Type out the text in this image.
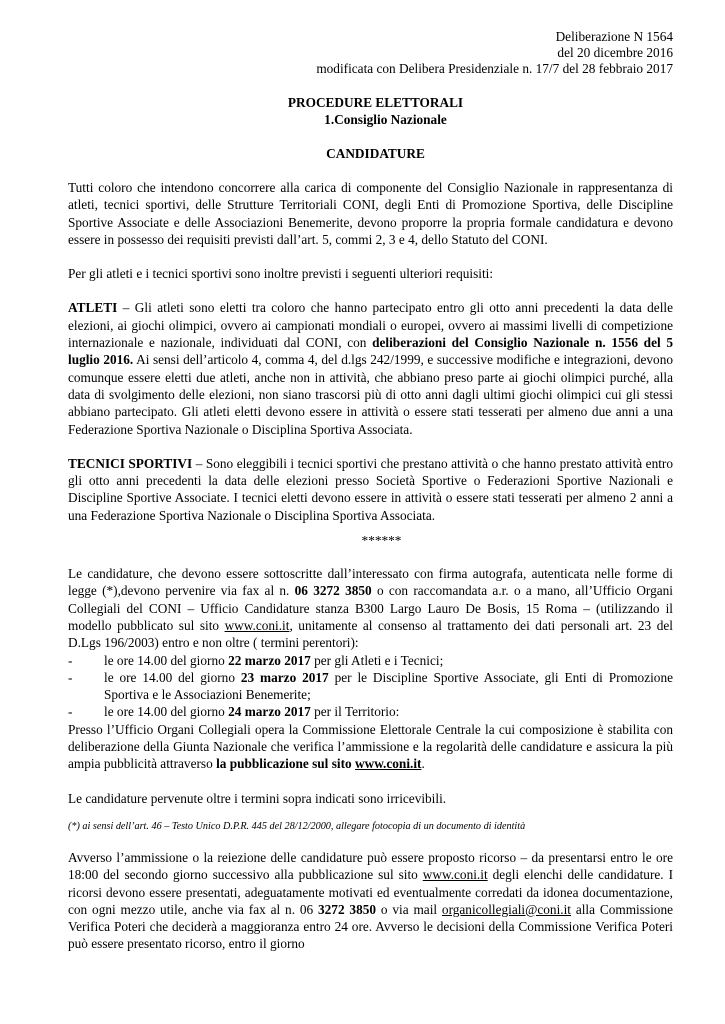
Deliberazione N 1564
del 20 dicembre 2016
modificata con Delibera Presidenziale n. 17/7 del 28 febbraio 2017
PROCEDURE ELETTORALI
1.Consiglio Nazionale
CANDIDATURE

Tutti coloro che intendono concorrere alla carica di componente del Consiglio Nazionale in rappresentanza di atleti, tecnici sportivi, delle Strutture Territoriali CONI, degli Enti di Promozione Sportiva, delle Discipline Sportive Associate e delle Associazioni Benemerite, devono proporre la propria formale candidatura e devono essere in possesso dei requisiti previsti dall’art. 5, commi 2, 3 e 4, dello Statuto del CONI.

Per gli atleti e i tecnici sportivi sono inoltre previsti i seguenti ulteriori requisiti:

ATLETI – Gli atleti sono eletti tra coloro che hanno partecipato entro gli otto anni precedenti la data delle elezioni, ai giochi olimpici, ovvero ai campionati mondiali o europei, ovvero ai massimi livelli di competizione internazionale e nazionale, individuati dal CONI, con deliberazioni del Consiglio Nazionale n. 1556 del 5 luglio 2016. Ai sensi dell’articolo 4, comma 4, del d.lgs 242/1999, e successive modifiche e integrazioni, devono comunque essere eletti due atleti, anche non in attività, che abbiano preso parte ai giochi olimpici purché, alla data di svolgimento delle elezioni, non siano trascorsi più di otto anni dagli ultimi giochi olimpici cui gli stessi abbiano partecipato. Gli atleti eletti devono essere in attività o essere stati tesserati per almeno due anni a una Federazione Sportiva Nazionale o Disciplina Sportiva Associata.

TECNICI SPORTIVI – Sono eleggibili i tecnici sportivi che prestano attività o che hanno prestato attività entro gli otto anni precedenti la data delle elezioni presso Società Sportive o Federazioni Sportive Nazionali e Discipline Sportive Associate. I tecnici eletti devono essere in attività o essere stati tesserati per almeno 2 anni a una Federazione Sportiva Nazionale o Disciplina Sportiva Associata.

******

Le candidature, che devono essere sottoscritte dall’interessato con firma autografa, autenticata nelle forme di legge (*),devono pervenire via fax al n. 06 3272 3850 o con raccomandata a.r. o a mano, all’Ufficio Organi Collegiali del CONI – Ufficio Candidature stanza B300 Largo Lauro De Bosis, 15 Roma – (utilizzando il modello pubblicato sul sito www.coni.it, unitamente al consenso al trattamento dei dati personali art. 23 del D.Lgs 196/2003) entro e non oltre ( termini perentori):

-	le ore 14.00 del giorno 22 marzo 2017 per gli Atleti e i Tecnici;
-	le ore 14.00 del giorno 23 marzo 2017 per le Discipline Sportive Associate, gli Enti di Promozione Sportiva e le Associazioni Benemerite;
-	le ore 14.00 del giorno 24 marzo 2017 per il Territorio:

Presso l’Ufficio Organi Collegiali opera la Commissione Elettorale Centrale la cui composizione è stabilita con deliberazione della Giunta Nazionale che verifica l’ammissione e la regolarità delle candidature e assicura la più ampia pubblicità attraverso la pubblicazione sul sito www.coni.it.

Le candidature pervenute oltre i termini sopra indicati sono irricevibili.

(*) ai sensi dell’art. 46 – Testo Unico D.P.R. 445 del 28/12/2000, allegare fotocopia di un documento di identità

Avverso l’ammissione o la reiezione delle candidature può essere proposto ricorso – da presentarsi entro le ore 18:00 del secondo giorno successivo alla pubblicazione sul sito www.coni.it degli elenchi delle candidature. I ricorsi devono essere presentati, adeguatamente motivati ed eventualmente corredati da idonea documentazione, con ogni mezzo utile, anche via fax al n. 06 3272 3850 o via mail organicollegiali@coni.it alla Commissione Verifica Poteri che deciderà a maggioranza entro 24 ore. Avverso le decisioni della Commissione Verifica Poteri può essere presentato ricorso, entro il giorno
